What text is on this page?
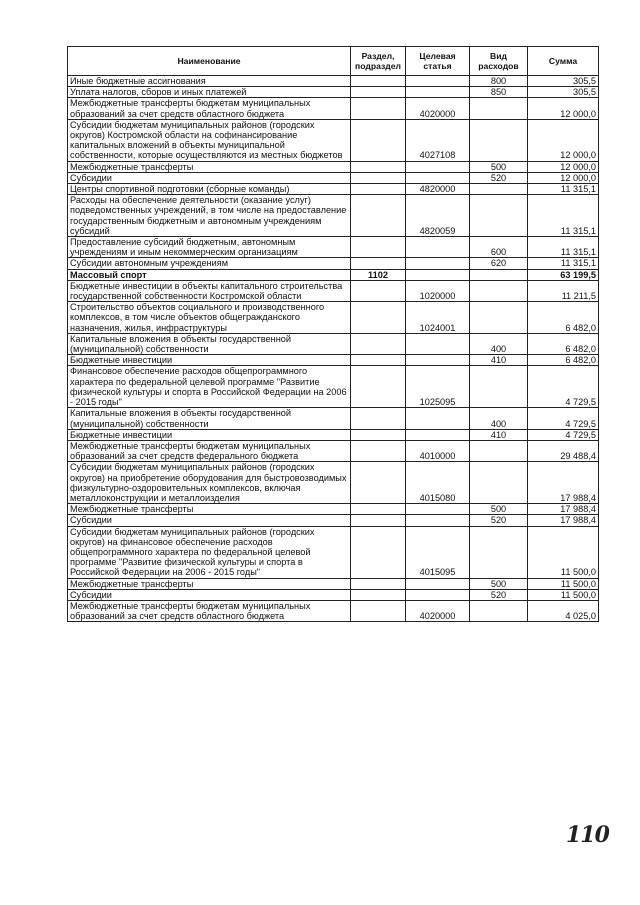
Наименование	Раздел, подраздел	Целевая статья	Вид расходов	Сумма
Иные бюджетные ассигнования			800	305,5
Уплата налогов, сборов и иных платежей			850	305,5
Межбюджетные трансферты бюджетам муниципальных образований за счет средств областного бюджета		4020000		12 000,0
Субсидии бюджетам муниципальных районов (городских округов) Костромской области на софинансирование капитальных вложений в объекты муниципальной собственности, которые осуществляются из местных бюджетов		4027108		12 000,0
Межбюджетные трансферты			500	12 000,0
Субсидии			520	12 000,0
Центры спортивной подготовки (сборные команды)		4820000		11 315,1
Расходы на обеспечение деятельности (оказание услуг) подведомственных учреждений, в том числе на предоставление государственным бюджетным и автономным учреждениям субсидий		4820059		11 315,1
Предоставление субсидий бюджетным, автономным учреждениям и иным некоммерческим организациям			600	11 315,1
Субсидии автономным учреждениям			620	11 315,1
Массовый спорт	1102			63 199,5
Бюджетные инвестиции в объекты капитального строительства государственной собственности Костромской области		1020000		11 211,5
Строительство объектов социального и производственного комплексов, в том числе объектов общегражданского назначения, жилья, инфраструктуры		1024001		6 482,0
Капитальные вложения в объекты государственной (муниципальной) собственности			400	6 482,0
Бюджетные инвестиции			410	6 482,0
Финансовое обеспечение расходов общепрограммного характера по федеральной целевой программе "Развитие физической культуры и спорта в Российской Федерации на 2006 - 2015 годы"		1025095		4 729,5
Капитальные вложения в объекты государственной (муниципальной) собственности			400	4 729,5
Бюджетные инвестиции			410	4 729,5
Межбюджетные трансферты бюджетам муниципальных образований за счет средств федерального бюджета		4010000		29 488,4
Субсидии бюджетам муниципальных районов (городских округов) на приобретение оборудования для быстровозводимых физкультурно-оздоровительных комплексов, включая металлоконструкции и металлоизделия		4015080		17 988,4
Межбюджетные трансферты			500	17 988,4
Субсидии			520	17 988,4
Субсидии бюджетам муниципальных районов (городских округов) на финансовое обеспечение расходов общепрограммного характера по федеральной целевой программе "Развитие физической культуры и спорта в Российской Федерации на 2006 - 2015 годы"		4015095		11 500,0
Межбюджетные трансферты			500	11 500,0
Субсидии			520	11 500,0
Межбюджетные трансферты бюджетам муниципальных образований за счет средств областного бюджета		4020000		4 025,0
110
